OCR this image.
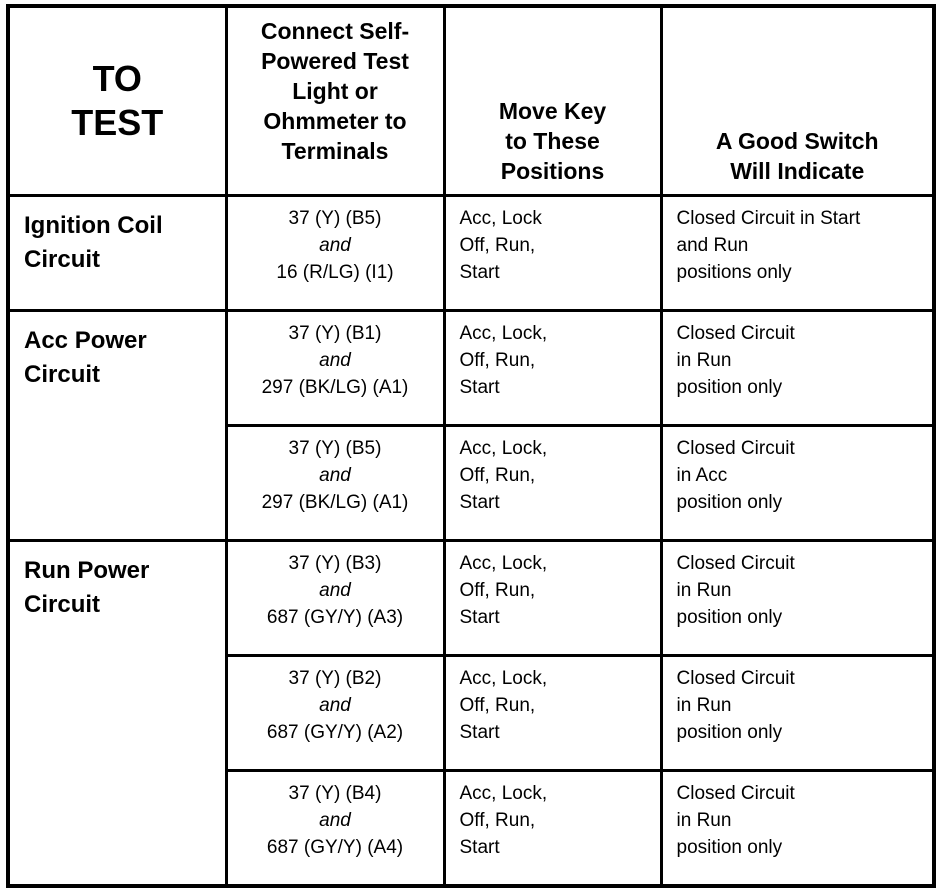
TO
TEST	Connect Self-
Powered Test
Light or
Ohmmeter to
Terminals	Move Key
to These
Positions	A Good Switch
Will Indicate

Ignition Coil
Circuit	37 (Y) (B5)
and
16 (R/LG) (I1)	Acc, Lock
Off, Run,
Start	Closed Circuit in Start
and Run
positions only

Acc Power
Circuit	37 (Y) (B1)
and
297 (BK/LG) (A1)	Acc, Lock,
Off, Run,
Start	Closed Circuit
in Run
position only

	37 (Y) (B5)
and
297 (BK/LG) (A1)	Acc, Lock,
Off, Run,
Start	Closed Circuit
in Acc
position only

Run Power
Circuit	37 (Y) (B3)
and
687 (GY/Y) (A3)	Acc, Lock,
Off, Run,
Start	Closed Circuit
in Run
position only

	37 (Y) (B2)
and
687 (GY/Y) (A2)	Acc, Lock,
Off, Run,
Start	Closed Circuit
in Run
position only

	37 (Y) (B4)
and
687 (GY/Y) (A4)	Acc, Lock,
Off, Run,
Start	Closed Circuit
in Run
position only
